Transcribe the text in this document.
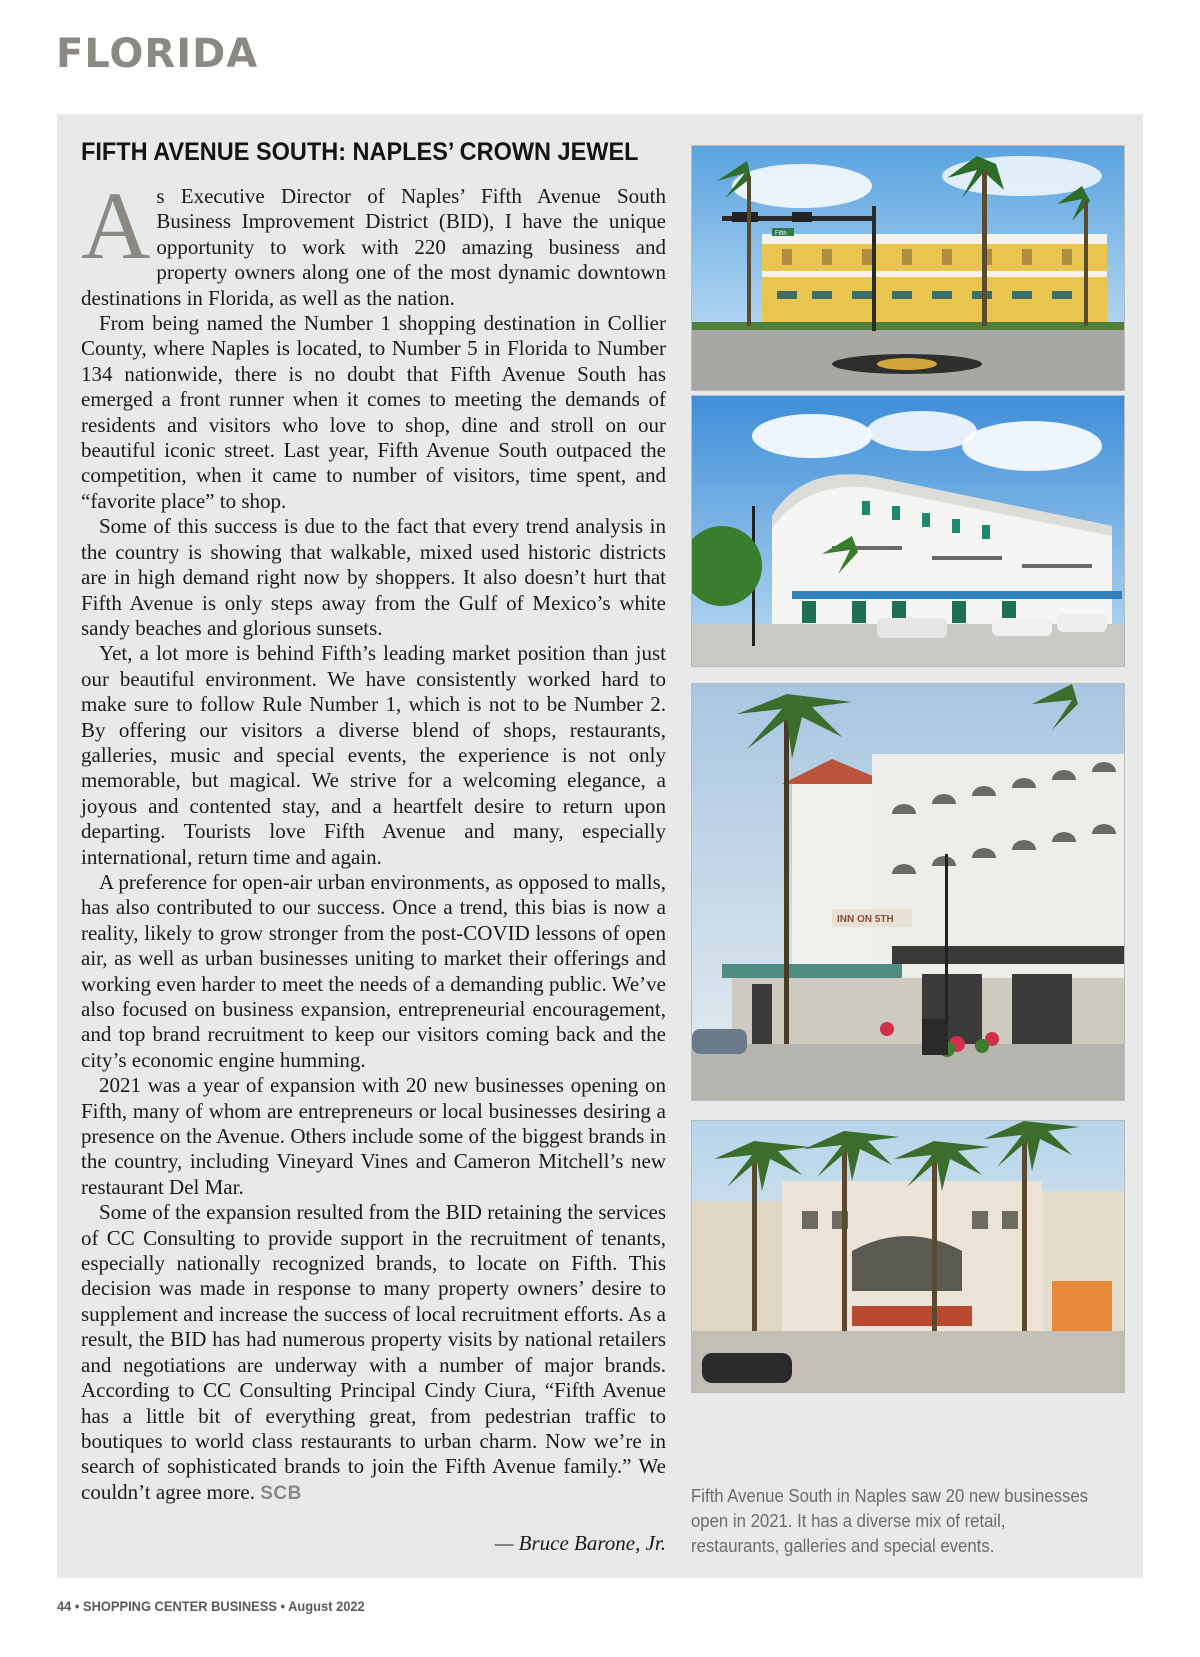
FLORIDA
FIFTH AVENUE SOUTH: NAPLES’ CROWN JEWEL

As Executive Director of Naples’ Fifth Avenue South Business Improvement District (BID), I have the unique opportunity to work with 220 amazing business and property owners along one of the most dynamic downtown destinations in Florida, as well as the nation.

From being named the Number 1 shopping destination in Collier County, where Naples is located, to Number 5 in Florida to Number 134 nationwide, there is no doubt that Fifth Avenue South has emerged a front runner when it comes to meeting the demands of residents and visitors who love to shop, dine and stroll on our beautiful iconic street. Last year, Fifth Avenue South outpaced the competition, when it came to number of visitors, time spent, and “favorite place” to shop.

Some of this success is due to the fact that every trend analysis in the country is showing that walkable, mixed used historic districts are in high demand right now by shoppers. It also doesn’t hurt that Fifth Avenue is only steps away from the Gulf of Mexico’s white sandy beaches and glorious sunsets.

Yet, a lot more is behind Fifth’s leading market position than just our beautiful environment. We have consistently worked hard to make sure to follow Rule Number 1, which is not to be Number 2. By offering our visitors a diverse blend of shops, restaurants, galleries, music and special events, the experience is not only memorable, but magical. We strive for a welcoming elegance, a joyous and contented stay, and a heartfelt desire to return upon departing. Tourists love Fifth Avenue and many, especially international, return time and again.

A preference for open-air urban environments, as opposed to malls, has also contributed to our success. Once a trend, this bias is now a reality, likely to grow stronger from the post-COVID lessons of open air, as well as urban businesses uniting to market their offerings and working even harder to meet the needs of a demanding public. We’ve also focused on business expansion, entrepreneurial encouragement, and top brand recruitment to keep our visitors coming back and the city’s economic engine humming.

2021 was a year of expansion with 20 new businesses opening on Fifth, many of whom are entrepreneurs or local businesses desiring a presence on the Avenue. Others include some of the biggest brands in the country, including Vineyard Vines and Cameron Mitchell’s new restaurant Del Mar.

Some of the expansion resulted from the BID retaining the services of CC Consulting to provide support in the recruitment of tenants, especially nationally recognized brands, to locate on Fifth. This decision was made in response to many property owners’ desire to supplement and increase the success of local recruitment efforts. As a result, the BID has had numerous property visits by national retailers and negotiations are underway with a number of major brands. According to CC Consulting Principal Cindy Ciura, “Fifth Avenue has a little bit of everything great, from pedestrian traffic to boutiques to world class restaurants to urban charm. Now we’re in search of sophisticated brands to join the Fifth Avenue family.” We couldn’t agree more. SCB

— Bruce Barone, Jr.
Fifth
INN ON 5TH

Fifth Avenue South in Naples saw 20 new businesses open in 2021. It has a diverse mix of retail, restaurants, galleries and special events.

44 • SHOPPING CENTER BUSINESS • August 2022
